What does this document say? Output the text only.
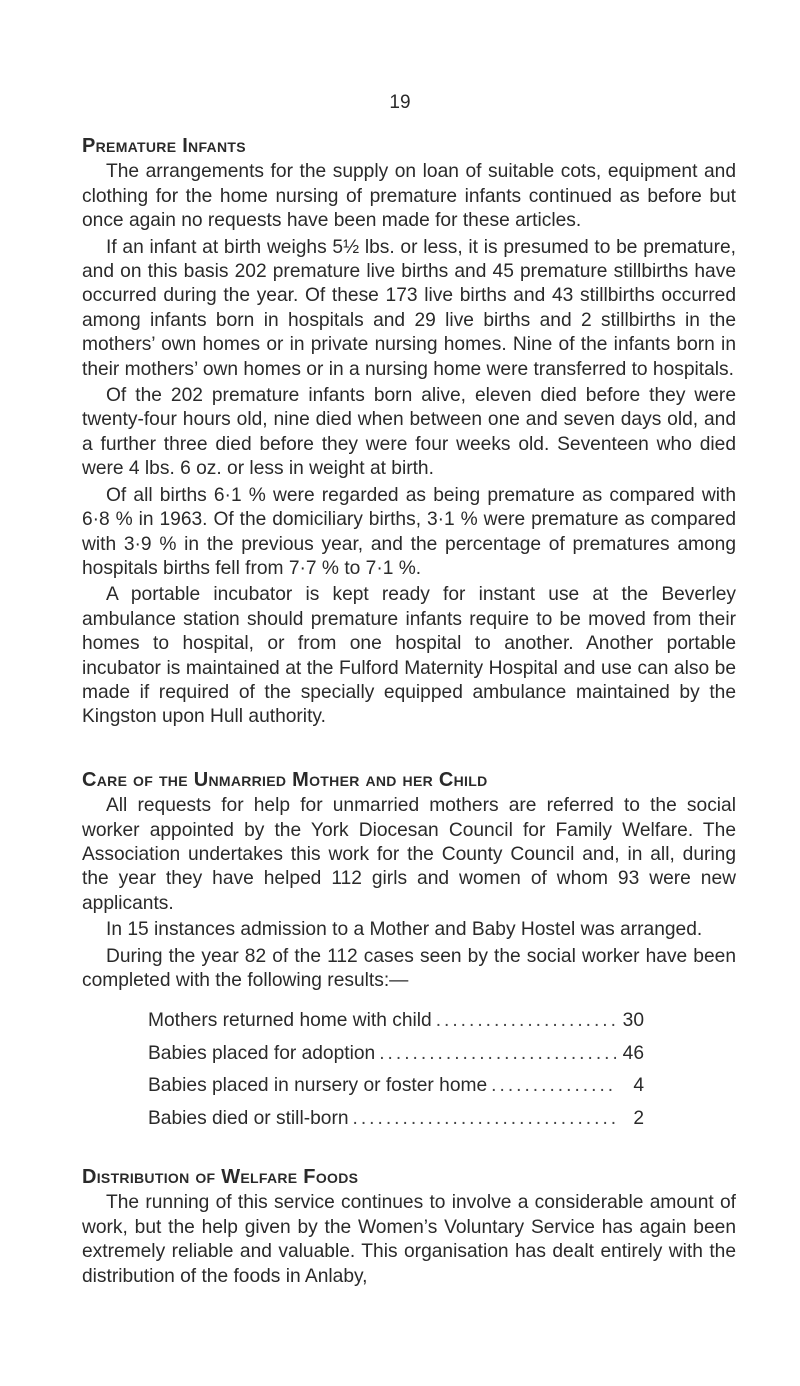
19
Premature Infants

The arrangements for the supply on loan of suitable cots, equipment and clothing for the home nursing of premature infants continued as before but once again no requests have been made for these articles.

If an infant at birth weighs 5½ lbs. or less, it is presumed to be premature, and on this basis 202 premature live births and 45 premature stillbirths have occurred during the year. Of these 173 live births and 43 stillbirths occurred among infants born in hospitals and 29 live births and 2 stillbirths in the mothers’ own homes or in private nursing homes. Nine of the infants born in their mothers’ own homes or in a nursing home were transferred to hospitals.

Of the 202 premature infants born alive, eleven died before they were twenty-four hours old, nine died when between one and seven days old, and a further three died before they were four weeks old. Seventeen who died were 4 lbs. 6 oz. or less in weight at birth.

Of all births 6·1 % were regarded as being premature as compared with 6·8 % in 1963. Of the domiciliary births, 3·1 % were premature as compared with 3·9 % in the previous year, and the percentage of prematures among hospitals births fell from 7·7 % to 7·1 %.

A portable incubator is kept ready for instant use at the Beverley ambulance station should premature infants require to be moved from their homes to hospital, or from one hospital to another. Another portable incubator is maintained at the Fulford Maternity Hospital and use can also be made if required of the specially equipped ambulance maintained by the Kingston upon Hull authority.

Care of the Unmarried Mother and her Child

All requests for help for unmarried mothers are referred to the social worker appointed by the York Diocesan Council for Family Welfare. The Association undertakes this work for the County Council and, in all, during the year they have helped 112 girls and women of whom 93 were new applicants.

In 15 instances admission to a Mother and Baby Hostel was arranged.

During the year 82 of the 112 cases seen by the social worker have been completed with the following results:—

Mothers returned home with child .....	30
Babies placed for adoption .....	46
Babies placed in nursery or foster home .....	4
Babies died or still-born .....	2
Distribution of Welfare Foods

The running of this service continues to involve a considerable amount of work, but the help given by the Women’s Voluntary Service has again been extremely reliable and valuable. This organisation has dealt entirely with the distribution of the foods in Anlaby,
